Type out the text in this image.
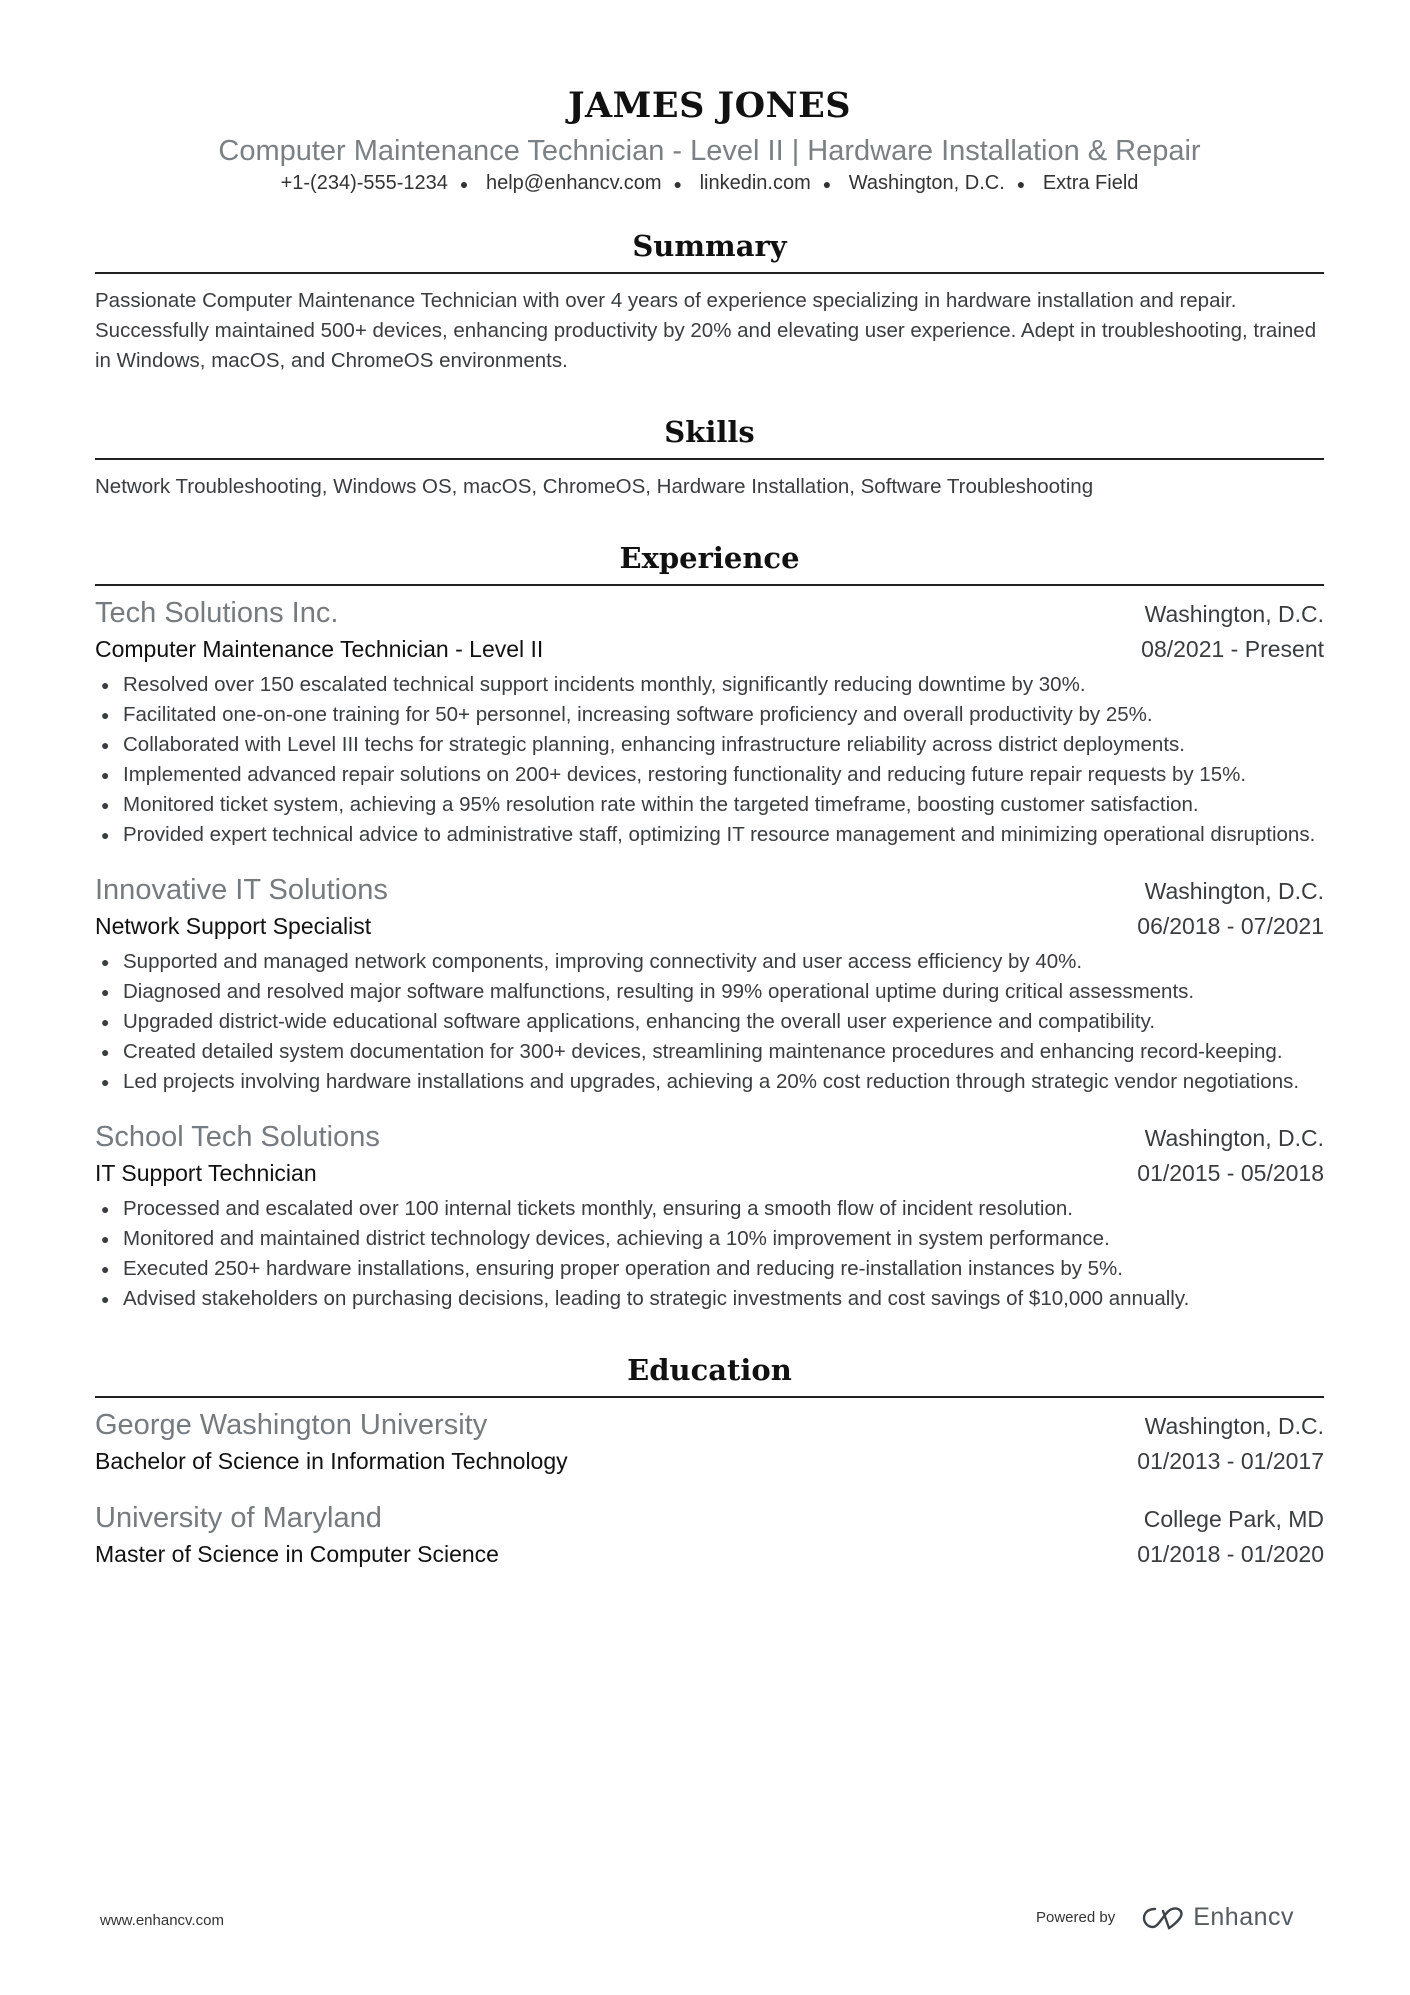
JAMES JONES
Computer Maintenance Technician - Level II | Hardware Installation & Repair
+1-(234)-555-1234 ● help@enhancv.com ● linkedin.com ● Washington, D.C. ● Extra Field
Summary

Passionate Computer Maintenance Technician with over 4 years of experience specializing in hardware installation and repair. Successfully maintained 500+ devices, enhancing productivity by 20% and elevating user experience. Adept in troubleshooting, trained in Windows, macOS, and ChromeOS environments.

Skills

Network Troubleshooting, Windows OS, macOS, ChromeOS, Hardware Installation, Software Troubleshooting

Experience
Tech Solutions Inc.	Washington, D.C.
Computer Maintenance Technician - Level II	08/2021 - Present
● Resolved over 150 escalated technical support incidents monthly, significantly reducing downtime by 30%.
● Facilitated one-on-one training for 50+ personnel, increasing software proficiency and overall productivity by 25%.
● Collaborated with Level III techs for strategic planning, enhancing infrastructure reliability across district deployments.
● Implemented advanced repair solutions on 200+ devices, restoring functionality and reducing future repair requests by 15%.
● Monitored ticket system, achieving a 95% resolution rate within the targeted timeframe, boosting customer satisfaction.
● Provided expert technical advice to administrative staff, optimizing IT resource management and minimizing operational disruptions.
Innovative IT Solutions	Washington, D.C.
Network Support Specialist	06/2018 - 07/2021
● Supported and managed network components, improving connectivity and user access efficiency by 40%.
● Diagnosed and resolved major software malfunctions, resulting in 99% operational uptime during critical assessments.
● Upgraded district-wide educational software applications, enhancing the overall user experience and compatibility.
● Created detailed system documentation for 300+ devices, streamlining maintenance procedures and enhancing record-keeping.
● Led projects involving hardware installations and upgrades, achieving a 20% cost reduction through strategic vendor negotiations.
School Tech Solutions	Washington, D.C.
IT Support Technician	01/2015 - 05/2018
● Processed and escalated over 100 internal tickets monthly, ensuring a smooth flow of incident resolution.
● Monitored and maintained district technology devices, achieving a 10% improvement in system performance.
● Executed 250+ hardware installations, ensuring proper operation and reducing re-installation instances by 5%.
● Advised stakeholders on purchasing decisions, leading to strategic investments and cost savings of $10,000 annually.
Education
George Washington University	Washington, D.C.
Bachelor of Science in Information Technology	01/2013 - 01/2017
University of Maryland	College Park, MD
Master of Science in Computer Science	01/2018 - 01/2020
www.enhancv.com	Powered by	Enhancv
